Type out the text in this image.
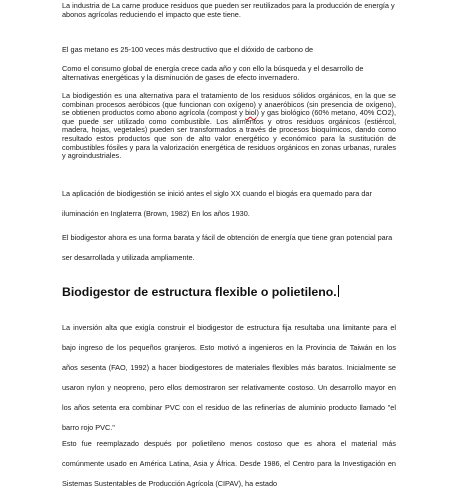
La industria de La carne produce residuos que pueden ser reutilizados para la producción de energía y abonos agrícolas reduciendo el impacto que este tiene.

El gas metano es 25-100 veces más destructivo que el dióxido de carbono de

Como el consumo global de energía crece cada año y con ello la búsqueda y el desarrollo de alternativas energéticas y la disminución de gases de efecto invernadero.

La biodigestión es una alternativa para el tratamiento de los residuos sólidos orgánicos, en la que se combinan procesos aeróbicos (que funcionan con oxígeno) y anaeróbicos (sin presencia de oxígeno), se obtienen productos como abono agrícola (compost y biol) y gas biológico (60% metano, 40% CO2), que puede ser utilizado como combustible. Los alimentos y otros residuos orgánicos (estiércol, madera, hojas, vegetales) pueden ser transformados a través de procesos bioquímicos, dando como resultado estos productos que son de alto valor energético y económico para la sustitución de combustibles fósiles y para la valorización energética de residuos orgánicos en zonas urbanas, rurales y agroindustriales.

La aplicación de biodigestión se inició antes el siglo XX cuando el biogás era quemado para dar iluminación en Inglaterra (Brown, 1982) En los años 1930.

El biodigestor ahora es una forma barata y fácil de obtención de energía que tiene gran potencial para ser desarrollada y utilizada ampliamente.

Biodigestor de estructura flexible o polietileno.

La inversión alta que exigía construir el biodigestor de estructura fija resultaba una limitante para el bajo ingreso de los pequeños granjeros. Esto motivó a ingenieros en la Provincia de Taiwán en los años sesenta (FAO, 1992) a hacer biodigestores de materiales flexibles más baratos. Inicialmente se usaron nylon y neopreno, pero ellos demostraron ser relativamente costoso. Un desarrollo mayor en los años setenta era combinar PVC con el residuo de las refinerías de aluminio producto llamado "el barro rojo PVC."

Esto fue reemplazado después por polietileno menos costoso que es ahora el material más comúnmente usado en América Latina, Asia y África. Desde 1986, el Centro para la Investigación en Sistemas Sustentables de Producción Agrícola (CIPAV), ha estado
